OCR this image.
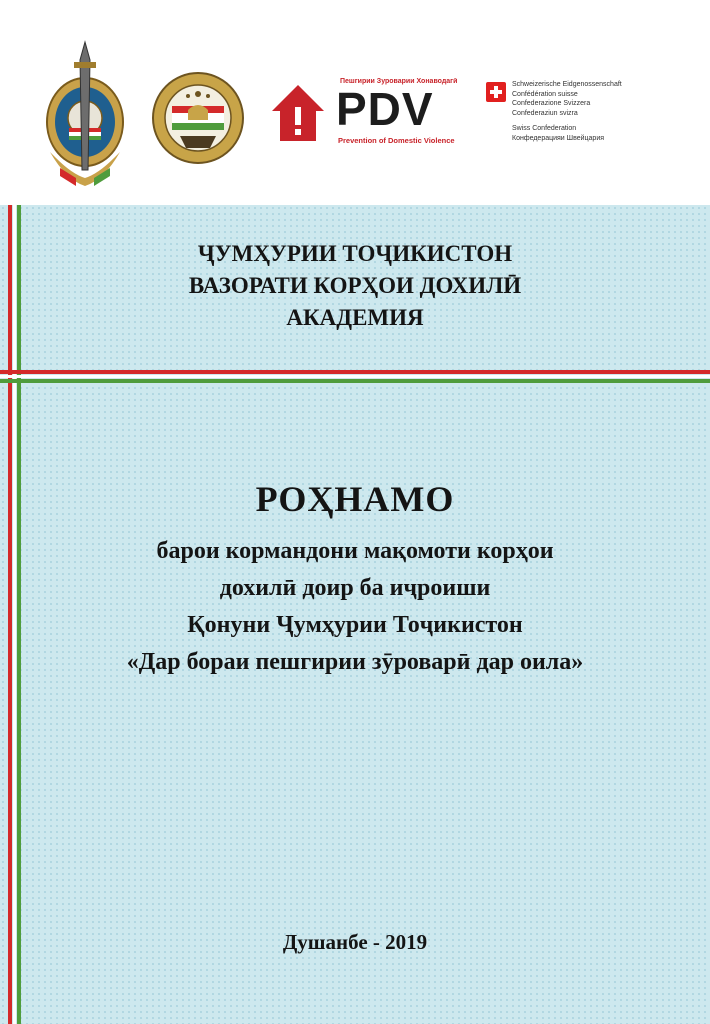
Пешгирии Зуроварии Хонаводагӣ
PDV
Prevention of Domestic Violence
Schweizerische Eidgenossenschaft
Confédération suisse
Confederazione Svizzera
Confederaziun svizra
Swiss Confederation
Конфедерацияи Швейцария
ҶУМҲУРИИ ТОҶИКИСТОН
ВАЗОРАТИ КОРҲОИ ДОХИЛӢ
АКАДЕМИЯ
РОҲНАМО
барои кормандони мақомоти корҳои
дохилӣ доир ба иҷроиши
Қонуни Ҷумҳурии Тоҷикистон
«Дар бораи пешгирии зӯроварӣ дар оила»
Душанбе - 2019
